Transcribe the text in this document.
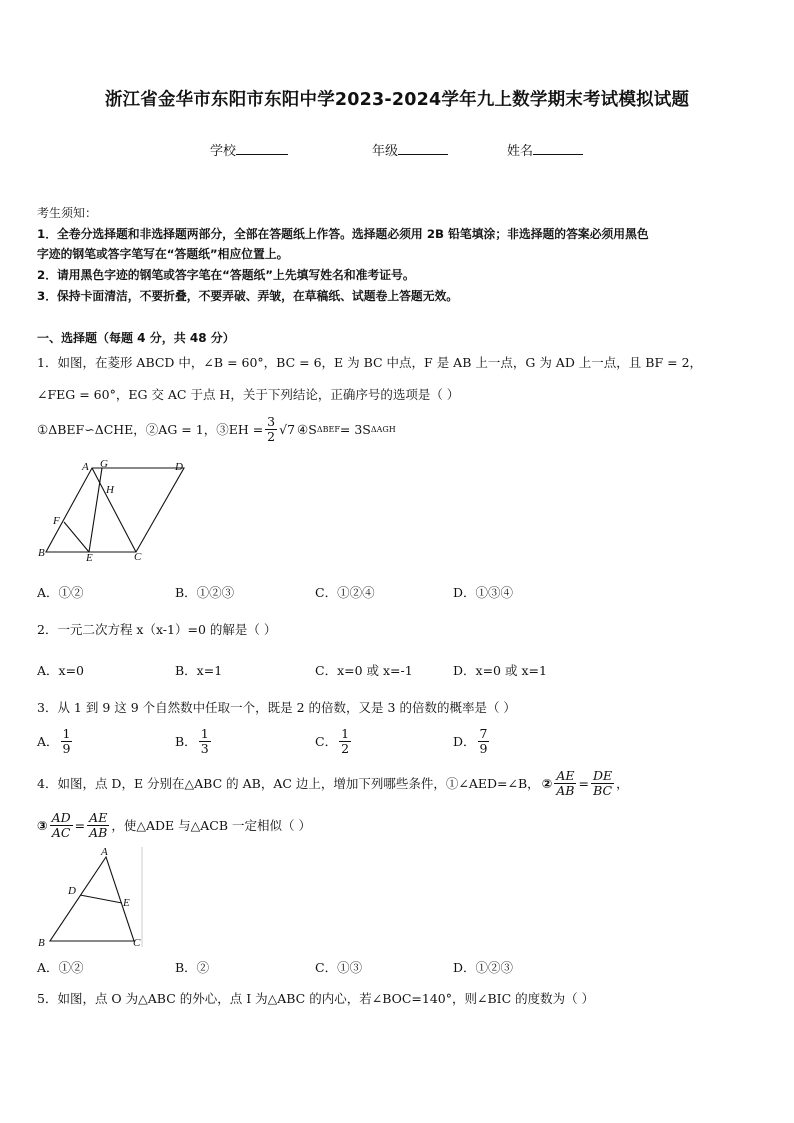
浙江省金华市东阳市东阳中学2023-2024学年九上数学期末考试模拟试题
学校	年级	姓名
考生须知：
1．全卷分选择题和非选择题两部分，全部在答题纸上作答。选择题必须用 2B 铅笔填涂；非选择题的答案必须用黑色
字迹的钢笔或答字笔写在“答题纸”相应位置上。
2．请用黑色字迹的钢笔或答字笔在“答题纸”上先填写姓名和准考证号。
3．保持卡面清洁，不要折叠，不要弄破、弄皱，在草稿纸、试题卷上答题无效。
一、选择题（每题 4 分，共 48 分）
1．如图，在菱形 ABCD 中，∠B = 60°，BC = 6，E 为 BC 中点，F 是 AB 上一点，G 为 AD 上一点，且 BF = 2，
∠FEG = 60°，EG 交 AC 于点 H，关于下列结论，正确序号的选项是（ ）
①ΔBEF∽ΔCHE，②AG = 1，③EH = $\frac{3}{2} √7$ ④S ΔBEF = 3S ΔAGH
A G	D
H
F
B	E	C
A．①②	B．①②③	C．①②④	D．①③④
2．一元二次方程 x（x-1）=0 的解是（ ）
A．x=0	B．x=1	C．x=0 或 x=-1	D．x=0 或 x=1
3．从 1 到 9 这 9 个自然数中任取一个，既是 2 的倍数，又是 3 的倍数的概率是（ ）
A． $\frac{1}{9}$	B． $\frac{1}{3}$	C． $\frac{1}{2}$	D． $\frac{7}{9}$
4．如图，点 D，E 分别在△ABC 的 AB，AC 边上，增加下列哪些条件，①∠AED=∠B， ② $\frac{AE}{AB} = \frac{DE}{BC}$ ，
③ $\frac{AD}{AC} = \frac{AE}{AB}$ ，使△ADE 与△ACB 一定相似（ ）
A
D
E
B	C
A．①②	B．②	C．①③	D．①②③
5．如图，点 O 为△ABC 的外心，点 I 为△ABC 的内心，若∠BOC=140°，则∠BIC 的度数为（ ）
